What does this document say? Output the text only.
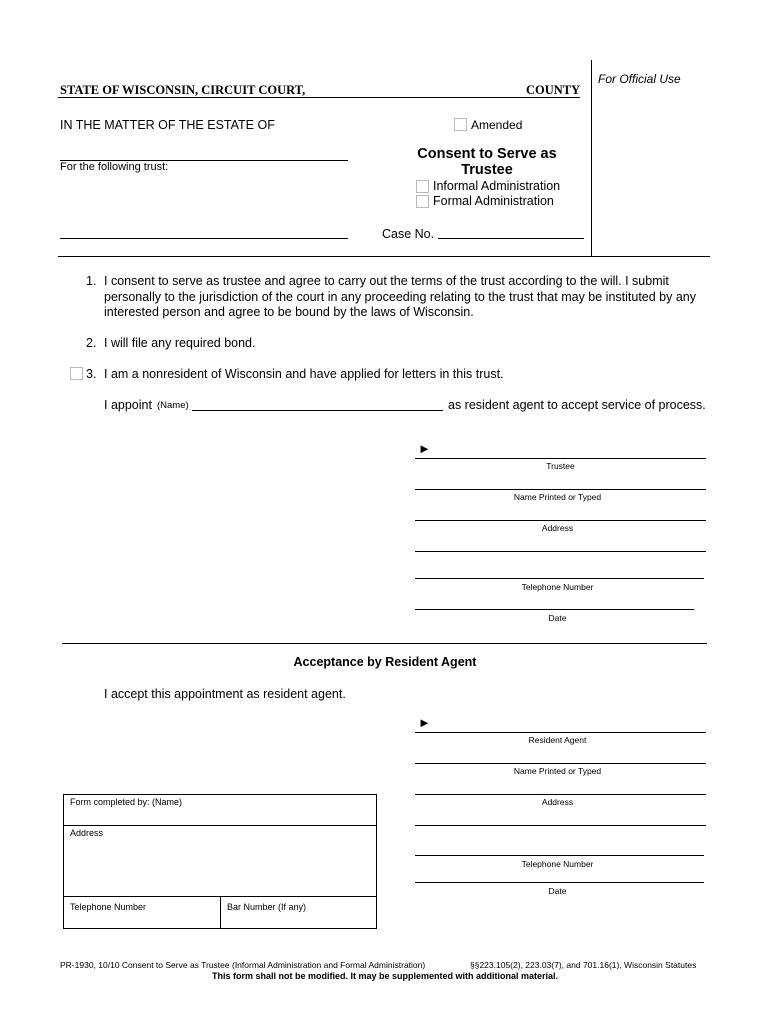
For Official Use
STATE OF WISCONSIN, CIRCUIT COURT,	COUNTY
IN THE MATTER OF THE ESTATE OF
For the following trust:
Amended
Consent to Serve as
Trustee
Informal Administration
Formal Administration
Case No.
1. I consent to serve as trustee and agree to carry out the terms of the trust according to the will. I submit personally to the jurisdiction of the court in any proceeding relating to the trust that may be instituted by any interested person and agree to be bound by the laws of Wisconsin.
2. I will file any required bond.
3. I am a nonresident of Wisconsin and have applied for letters in this trust.
I appoint (Name)	as resident agent to accept service of process.
►
Trustee
Name Printed or Typed
Address
Telephone Number
Date
Acceptance by Resident Agent
I accept this appointment as resident agent.
►
Resident Agent
Name Printed or Typed
Address
Telephone Number
Date
Form completed by: (Name)
Address
Telephone Number	Bar Number (If any)
PR-1930, 10/10 Consent to Serve as Trustee (Informal Administration and Formal Administration)	§§223.105(2), 223.03(7), and 701.16(1), Wisconsin Statutes
This form shall not be modified. It may be supplemented with additional material.
